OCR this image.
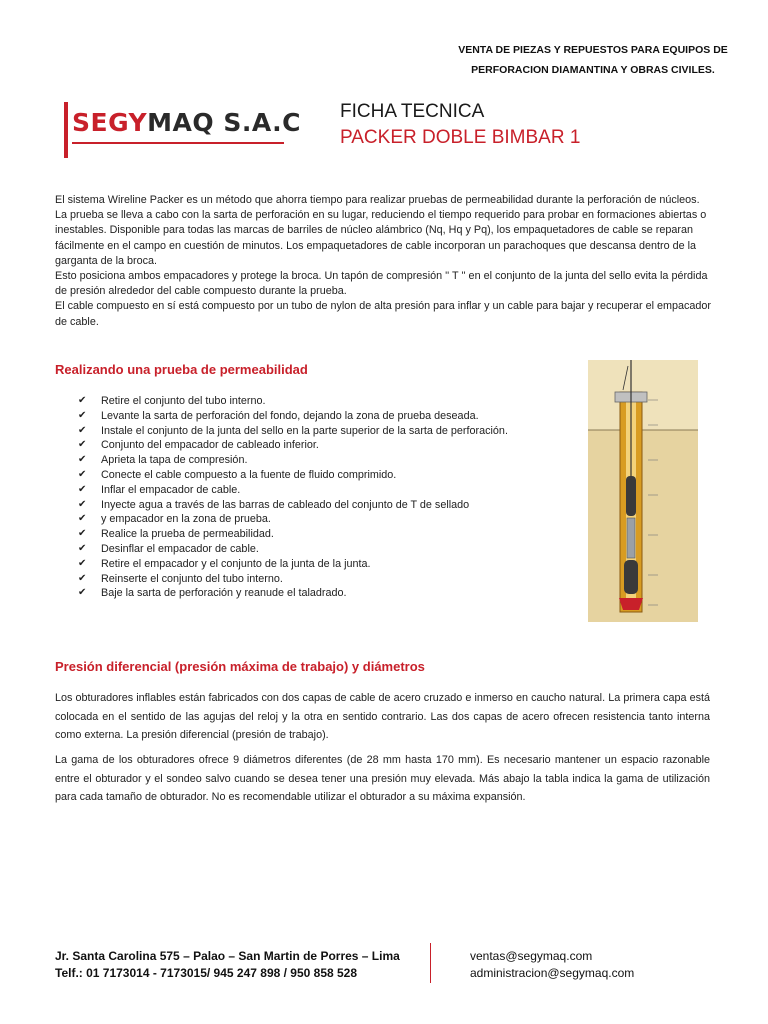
VENTA DE PIEZAS Y REPUESTOS PARA EQUIPOS DE
PERFORACION DIAMANTINA Y OBRAS CIVILES.
SEGYMAQ S.A.C FICHA TECNICA
PACKER DOBLE BIMBAR 1

El sistema Wireline Packer es un método que ahorra tiempo para realizar pruebas de permeabilidad durante la perforación de núcleos.

La prueba se lleva a cabo con la sarta de perforación en su lugar, reduciendo el tiempo requerido para probar en formaciones abiertas o inestables. Disponible para todas las marcas de barriles de núcleo alámbrico (Nq, Hq y Pq), los empaquetadores de cable se reparan fácilmente en el campo en cuestión de minutos. Los empaquetadores de cable incorporan un parachoques que descansa dentro de la garganta de la broca.

Esto posiciona ambos empacadores y protege la broca. Un tapón de compresión '' T '' en el conjunto de la junta del sello evita la pérdida de presión alrededor del cable compuesto durante la prueba.

El cable compuesto en sí está compuesto por un tubo de nylon de alta presión para inflar y un cable para bajar y recuperar el empacador de cable.

Realizando una prueba de permeabilidad
✔ Retire el conjunto del tubo interno.
✔ Levante la sarta de perforación del fondo, dejando la zona de prueba deseada.
✔ Instale el conjunto de la junta del sello en la parte superior de la sarta de perforación.
✔ Conjunto del empacador de cableado inferior.
✔ Aprieta la tapa de compresión.
✔ Conecte el cable compuesto a la fuente de fluido comprimido.
✔ Inflar el empacador de cable.
✔ Inyecte agua a través de las barras de cableado del conjunto de T de sellado
✔ y empacador en la zona de prueba.
✔ Realice la prueba de permeabilidad.
✔ Desinflar el empacador de cable.
✔ Retire el empacador y el conjunto de la junta de la junta.
✔ Reinserte el conjunto del tubo interno.
✔ Baje la sarta de perforación y reanude el taladrado.
Presión diferencial (presión máxima de trabajo) y diámetros

Los obturadores inflables están fabricados con dos capas de cable de acero cruzado e inmerso en caucho natural. La primera capa está colocada en el sentido de las agujas del reloj y la otra en sentido contrario. Las dos capas de acero ofrecen resistencia tanto interna como externa. La presión diferencial (presión de trabajo).

La gama de los obturadores ofrece 9 diámetros diferentes (de 28 mm hasta 170 mm). Es necesario mantener un espacio razonable entre el obturador y el sondeo salvo cuando se desea tener una presión muy elevada. Más abajo la tabla indica la gama de utilización para cada tamaño de obturador. No es recomendable utilizar el obturador a su máxima expansión.

Jr. Santa Carolina 575 – Palao – San Martin de Porres – Lima
Telf.: 01 7173014 - 7173015/ 945 247 898 / 950 858 528
ventas@segymaq.com
administracion@segymaq.com
